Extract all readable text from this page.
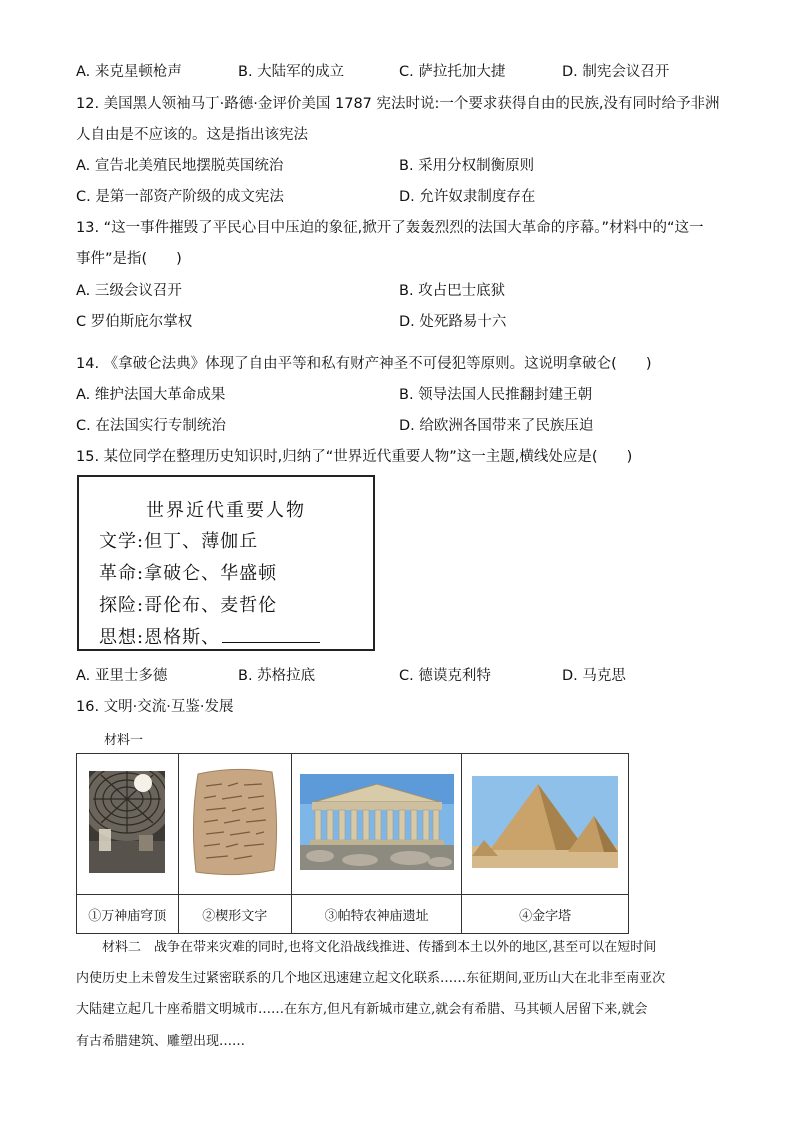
A. 来克星顿枪声	B. 大陆军的成立	C. 萨拉托加大捷	D. 制宪会议召开
12. 美国黑人领袖马丁·路德·金评价美国 1787 宪法时说:一个要求获得自由的民族,没有同时给予非洲
人自由是不应该的。这是指出该宪法
A. 宣告北美殖民地摆脱英国统治	B. 采用分权制衡原则
C. 是第一部资产阶级的成文宪法	D. 允许奴隶制度存在
13. “这一事件摧毁了平民心目中压迫的象征,掀开了轰轰烈烈的法国大革命的序幕。”材料中的“这一
事件”是指(　　)
A. 三级会议召开	B. 攻占巴士底狱
C 罗伯斯庇尔掌权	D. 处死路易十六
14. 《拿破仑法典》体现了自由平等和私有财产神圣不可侵犯等原则。这说明拿破仑(　　)
A. 维护法国大革命成果	B. 领导法国人民推翻封建王朝
C. 在法国实行专制统治	D. 给欧洲各国带来了民族压迫
15. 某位同学在整理历史知识时,归纳了“世界近代重要人物”这一主题,横线处应是(　　)
世界近代重要人物
文学:但丁、薄伽丘
革命:拿破仑、华盛顿
探险:哥伦布、麦哲伦
思想:恩格斯、
A. 亚里士多德	B. 苏格拉底	C. 德谟克利特	D. 马克思
16. 文明·交流·互鉴·发展
材料一

①万神庙穹顶	②楔形文字	③帕特农神庙遗址	④金字塔
　　材料二　战争在带来灾难的同时,也将文化沿战线推进、传播到本土以外的地区,甚至可以在短时间
内使历史上未曾发生过紧密联系的几个地区迅速建立起文化联系……东征期间,亚历山大在北非至南亚次
大陆建立起几十座希腊文明城市……在东方,但凡有新城市建立,就会有希腊、马其顿人居留下来,就会
有古希腊建筑、雕塑出现……
